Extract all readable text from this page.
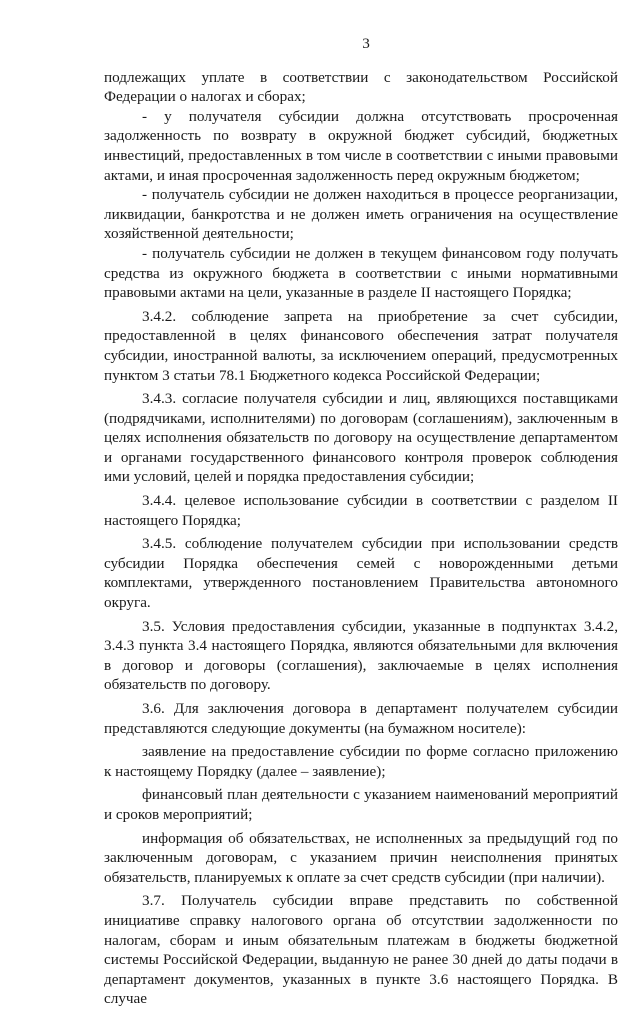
3

подлежащих уплате в соответствии с законодательством Российской Федерации о налогах и сборах;

- у получателя субсидии должна отсутствовать просроченная задолженность по возврату в окружной бюджет субсидий, бюджетных инвестиций, предоставленных в том числе в соответствии с иными правовыми актами, и иная просроченная задолженность перед окружным бюджетом;

- получатель субсидии не должен находиться в процессе реорганизации, ликвидации, банкротства и не должен иметь ограничения на осуществление хозяйственной деятельности;

- получатель субсидии не должен в текущем финансовом году получать средства из окружного бюджета в соответствии с иными нормативными правовыми актами на цели, указанные в разделе II настоящего Порядка;

3.4.2. соблюдение запрета на приобретение за счет субсидии, предоставленной в целях финансового обеспечения затрат получателя субсидии, иностранной валюты, за исключением операций, предусмотренных пунктом 3 статьи 78.1 Бюджетного кодекса Российской Федерации;

3.4.3. согласие получателя субсидии и лиц, являющихся поставщиками (подрядчиками, исполнителями) по договорам (соглашениям), заключенным в целях исполнения обязательств по договору на осуществление департаментом и органами государственного финансового контроля проверок соблюдения ими условий, целей и порядка предоставления субсидии;

3.4.4. целевое использование субсидии в соответствии с разделом II настоящего Порядка;

3.4.5. соблюдение получателем субсидии при использовании средств субсидии Порядка обеспечения семей с новорожденными детьми комплектами, утвержденного постановлением Правительства автономного округа.

3.5. Условия предоставления субсидии, указанные в подпунктах 3.4.2, 3.4.3 пункта 3.4 настоящего Порядка, являются обязательными для включения в договор и договоры (соглашения), заключаемые в целях исполнения обязательств по договору.

3.6. Для заключения договора в департамент получателем субсидии представляются следующие документы (на бумажном носителе):

заявление на предоставление субсидии по форме согласно приложению к настоящему Порядку (далее – заявление);

финансовый план деятельности с указанием наименований мероприятий и сроков мероприятий;

информация об обязательствах, не исполненных за предыдущий год по заключенным договорам, с указанием причин неисполнения принятых обязательств, планируемых к оплате за счет средств субсидии (при наличии).

3.7. Получатель субсидии вправе представить по собственной инициативе справку налогового органа об отсутствии задолженности по налогам, сборам и иным обязательным платежам в бюджеты бюджетной системы Российской Федерации, выданную не ранее 30 дней до даты подачи в департамент документов, указанных в пункте 3.6 настоящего Порядка. В случае
